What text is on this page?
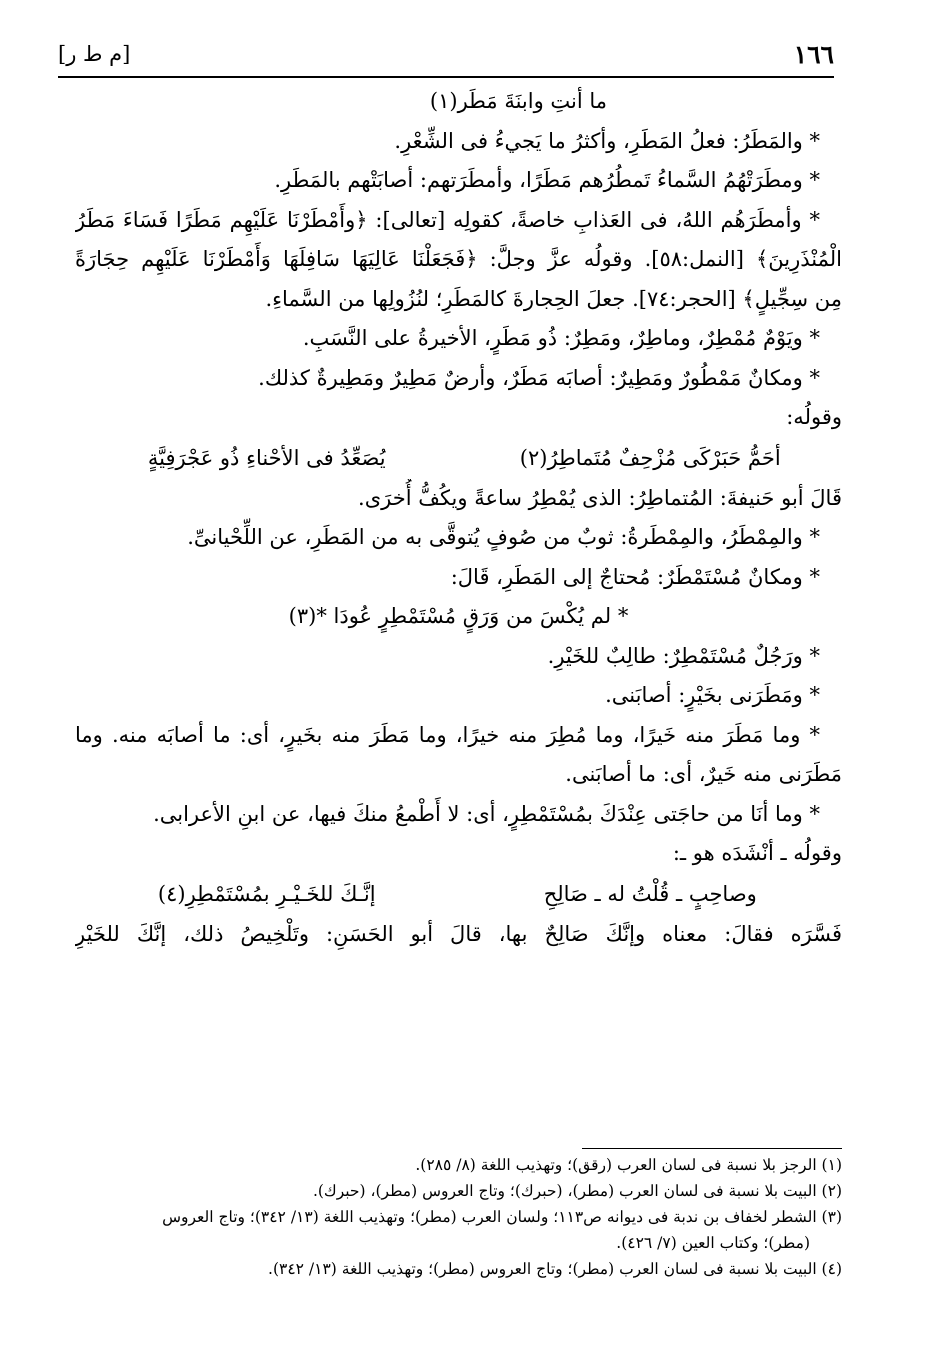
١٦٦
[م ط ر]
ما أنتِ وابنَةَ مَطَر(١)
* والمَطَرُ: فعلُ المَطَرِ، وأكثرُ ما يَجيءُ فى الشِّعْرِ.
* ومطَرَتْهُمُ السَّماءُ تَمطُرُهم مَطَرًا، وأمطَرَتهم: أصابَتْهم بالمَطَرِ.
* وأمطَرَهُم اللهُ، فى العَذابِ خاصةً، كقولِه [تعالى]: ﴿وأَمْطَرْنَا عَلَيْهِم مَطَرًا فَسَاءَ مَطَرُ
الْمُنْذَرِينَ﴾ [النمل:٥٨]. وقولُه عزَّ وجلَّ: ﴿فَجَعَلْنَا عَالِيَهَا سَافِلَهَا وَأَمْطَرْنَا عَلَيْهِم حِجَارَةً
مِن سِجِّيلٍ﴾ [الحجر:٧٤]. جعلَ الحِجارةَ كالمَطَرِ؛ لنُزُولِها من السَّماءِ.
* ويَوْمٌ مُمْطِرٌ، وماطِرٌ، ومَطِرٌ: ذُو مَطَرٍ، الأخيرةُ على النَّسَبِ.
* ومكانٌ مَمْطُورٌ ومَطِيرٌ: أصابَه مَطَرٌ، وأرضٌ مَطِيرٌ ومَطِيرةٌ كذلك.
وقولُه:
أحَمُّ حَبَرْكَى مُزْحِفٌ مُتَماطِرُ(٢)
يُصَعِّدُ فى الأحْناءِ ذُو عَجْرَفِيَّةٍ
قَالَ أبو حَنيفةَ: المُتماطِرُ: الذى يُمْطِرُ ساعةً ويكُفُّ أُخرَى.
* والمِمْطَرُ، والمِمْطَرةُ: ثوبٌ من صُوفٍ يُتوقَّى به من المَطَرِ، عن اللِّحْيانىِّ.
* ومكانٌ مُسْتَمْطَرٌ: مُحتاجٌ إلى المَطَرِ، قَالَ:
* لم يُكْسَ من وَرَقٍ مُسْتَمْطِرٍ عُودَا *(٣)
* ورَجُلٌ مُسْتَمْطِرٌ: طالِبٌ للخَيْرِ.
* ومَطَرَنى بخَيْرٍ: أصابَنى.
* وما مَطَرَ منه خَيرًا، وما مُطِرَ منه خيرًا، وما مَطَرَ منه بخَيرٍ، أى: ما أصابَه منه. وما
مَطَرَنى منه خَيرٌ، أى: ما أصابَنى.
* وما أنَا من حاجَتى عِنْدَكَ بمُسْتَمْطِرٍ، أى: لا أَطْمعُ منكَ فيها، عن ابنِ الأعرابى.
وقولُه ـ أنْشَدَه هو ـ:
وصاحِبٍ ـ قُلْتُ له ـ صَالِحِ
إنَّـكَ للخَـيْـرِ بمُسْتَمْطِرِ(٤)
فَسَّرَه فقالَ: معناه وإنَّكَ صَالِحٌ بها، قالَ أبو الحَسَنِ: وتَلْخِيصُ ذلك، إنَّكَ للخَيْرِ
(١) الرجز بلا نسبة فى لسان العرب (رقق)؛ وتهذيب اللغة (٨/ ٢٨٥).
(٢) البيت بلا نسبة فى لسان العرب (مطر)، (حبرك)؛ وتاج العروس (مطر)، (حبرك).
(٣) الشطر لخفاف بن ندبة فى ديوانه ص١١٣؛ ولسان العرب (مطر)؛ وتهذيب اللغة (١٣/ ٣٤٢)؛ وتاج العروس
(مطر)؛ وكتاب العين (٧/ ٤٢٦).
(٤) البيت بلا نسبة فى لسان العرب (مطر)؛ وتاج العروس (مطر)؛ وتهذيب اللغة (١٣/ ٣٤٢).
